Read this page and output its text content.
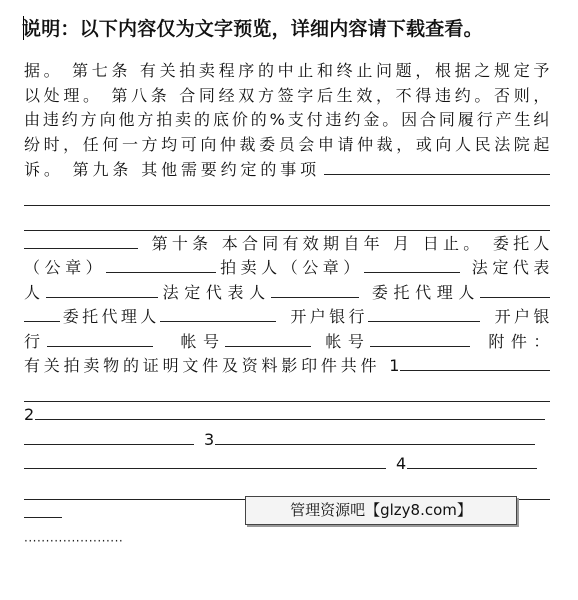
说明：以下内容仅为文字预览，详细内容请下载查看。
据。 第七条 有关拍卖程序的中止和终止问题，根据之规定予
以处理。 第八条 合同经双方签字后生效，不得违约。否则，
由违约方向他方拍卖的底价的%支付违约金。因合同履行产生纠
纷时，任何一方均可向仲裁委员会申请仲裁，或向人民法院起
诉。 第九条 其他需要约定的事项
第十条 本合同有效期自年 月 日止。 委托人
（公章）	拍卖人（公章）	法定代表
人	法定代表人	委托代理人
委托代理人	开户银行	开户银
行	帐号	帐号	附件：
有关拍卖物的证明文件及资料影印件共件 1
2
3
4
管理资源吧【glzy8.com】
·······················
